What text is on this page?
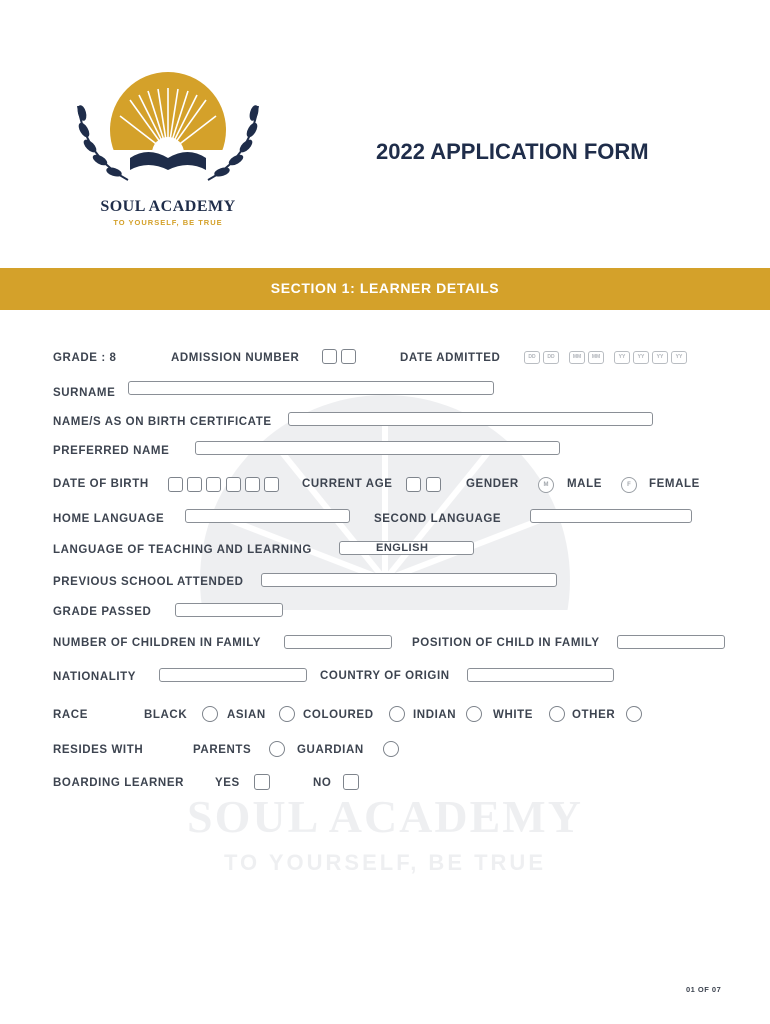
SOUL ACADEMY
TO YOURSELF, BE TRUE
SOUL ACADEMY
TO YOURSELF, BE TRUE
2022 APPLICATION FORM
SECTION 1: LEARNER DETAILS
GRADE : 8	ADMISSION NUMBER	DATE ADMITTED	DD	DD	MM	MM	YY	YY	YY	YY
SURNAME
NAME/S AS ON BIRTH CERTIFICATE
PREFERRED NAME
DATE OF BIRTH	CURRENT AGE	GENDER	M	MALE	F	FEMALE
HOME LANGUAGE	SECOND LANGUAGE
LANGUAGE OF TEACHING AND LEARNING	ENGLISH
PREVIOUS SCHOOL ATTENDED
GRADE PASSED
NUMBER OF CHILDREN IN FAMILY	POSITION OF CHILD IN FAMILY
NATIONALITY	COUNTRY OF ORIGIN
RACE	BLACK	ASIAN	COLOURED	INDIAN	WHITE	OTHER
RESIDES WITH	PARENTS	GUARDIAN
BOARDING LEARNER	YES	NO
01 OF 07
